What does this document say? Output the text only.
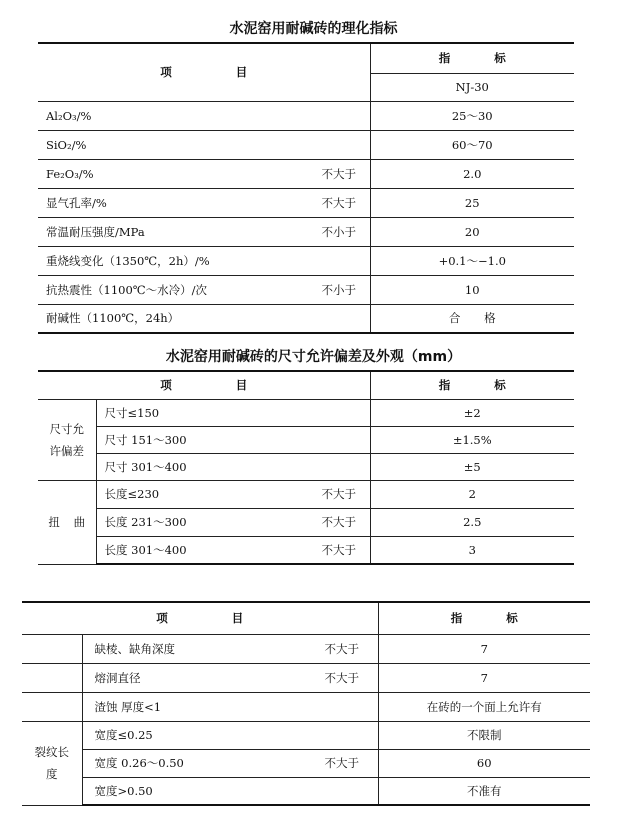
水泥窑用耐碱砖的理化指标
项 目		指 标
		NJ-30
Al₂O₃/%		25～30
SiO₂/%		60～70
Fe₂O₃/%	不大于	2.0
显气孔率/%	不大于	25
常温耐压强度/MPa	不小于	20
重烧线变化（1350℃，2h）/%		+0.1～−1.0
抗热震性（1100℃～水冷）/次	不小于	10
耐碱性（1100℃，24h）		合 格
水泥窑用耐碱砖的尺寸允许偏差及外观（mm）
项 目			指 标
尺寸允许偏差	尺寸≤150		±2
	尺寸 151～300		±1.5%
	尺寸 301～400		±5
扭 曲	长度≤230	不大于	2
	长度 231～300	不大于	2.5
	长度 301～400	不大于	3
项 目			指 标
	缺棱、缺角深度	不大于	7
	熔洞直径	不大于	7
	渣蚀 厚度<1		在砖的一个面上允许有
裂纹长度	宽度≤0.25		不限制
	宽度 0.26～0.50	不大于	60
	宽度>0.50		不准有
